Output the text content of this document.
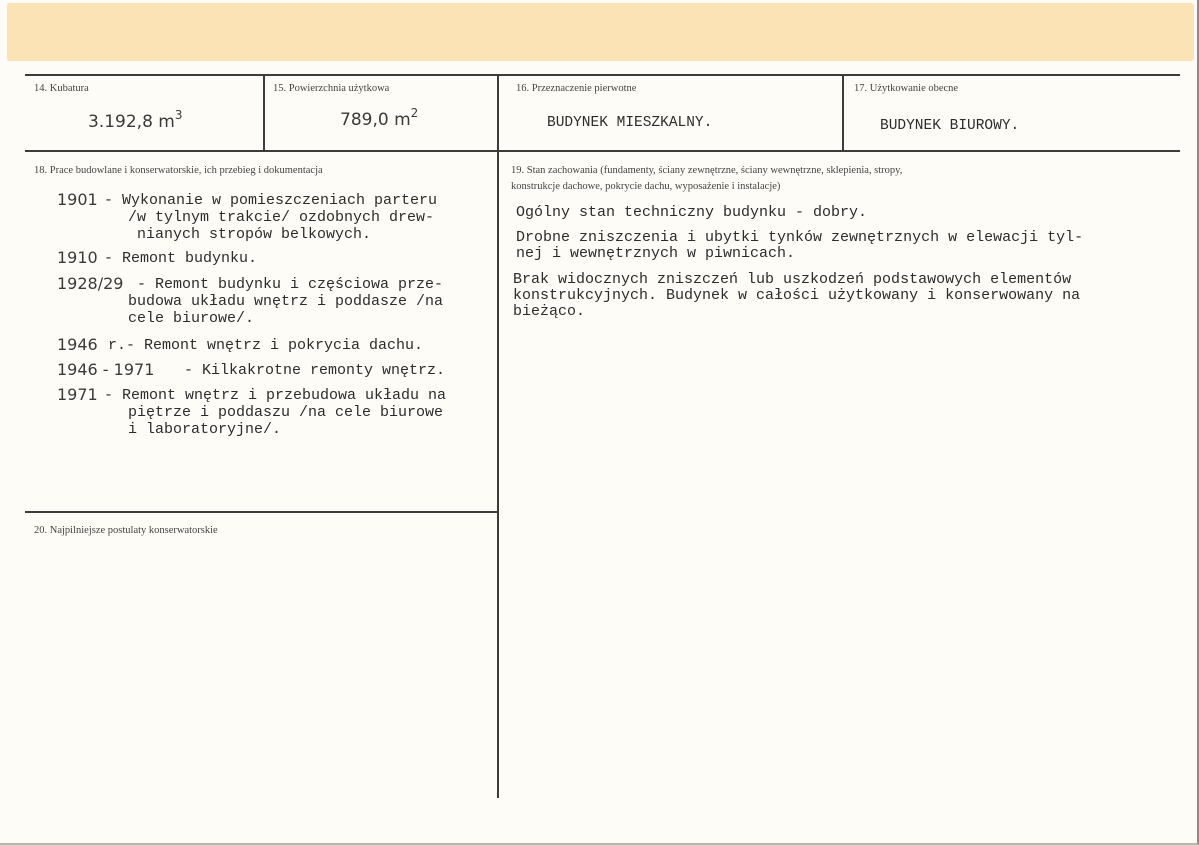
14. Kubatura
3.192,8 $m^3$
15. Powierzchnia użytkowa
789,0 $m^2$
16. Przeznaczenie pierwotne
BUDYNEK MIESZKALNY.
17. Użytkowanie obecne
BUDYNEK BIUROWY.
18. Prace budowlane i konserwatorskie, ich przebieg i dokumentacja
1901
- Wykonanie w pomieszczeniach parteru
/w tylnym trakcie/ ozdobnych drew-
nianych stropów belkowych.
1910
- Remont budynku.
1928/29 - Remont budynku i częściowa prze-
budowa układu wnętrz i poddasze /na
cele biurowe/.
1946 r.- Remont wnętrz i pokrycia dachu.
1946 - 1971 - Kilkakrotne remonty wnętrz.
1971
- Remont wnętrz i przebudowa układu na
piętrze i poddaszu /na cele biurowe
i laboratoryjne/.
19. Stan zachowania (fundamenty, ściany zewnętrzne, ściany wewnętrzne, sklepienia, stropy,
konstrukcje dachowe, pokrycie dachu, wyposażenie i instalacje)
Ogólny stan techniczny budynku - dobry.
Drobne zniszczenia i ubytki tynków zewnętrznych w elewacji tyl-
nej i wewnętrznych w piwnicach.
Brak widocznych zniszczeń lub uszkodzeń podstawowych elementów
konstrukcyjnych. Budynek w całości użytkowany i konserwowany na
bieżąco.
20. Najpilniejsze postulaty konserwatorskie
